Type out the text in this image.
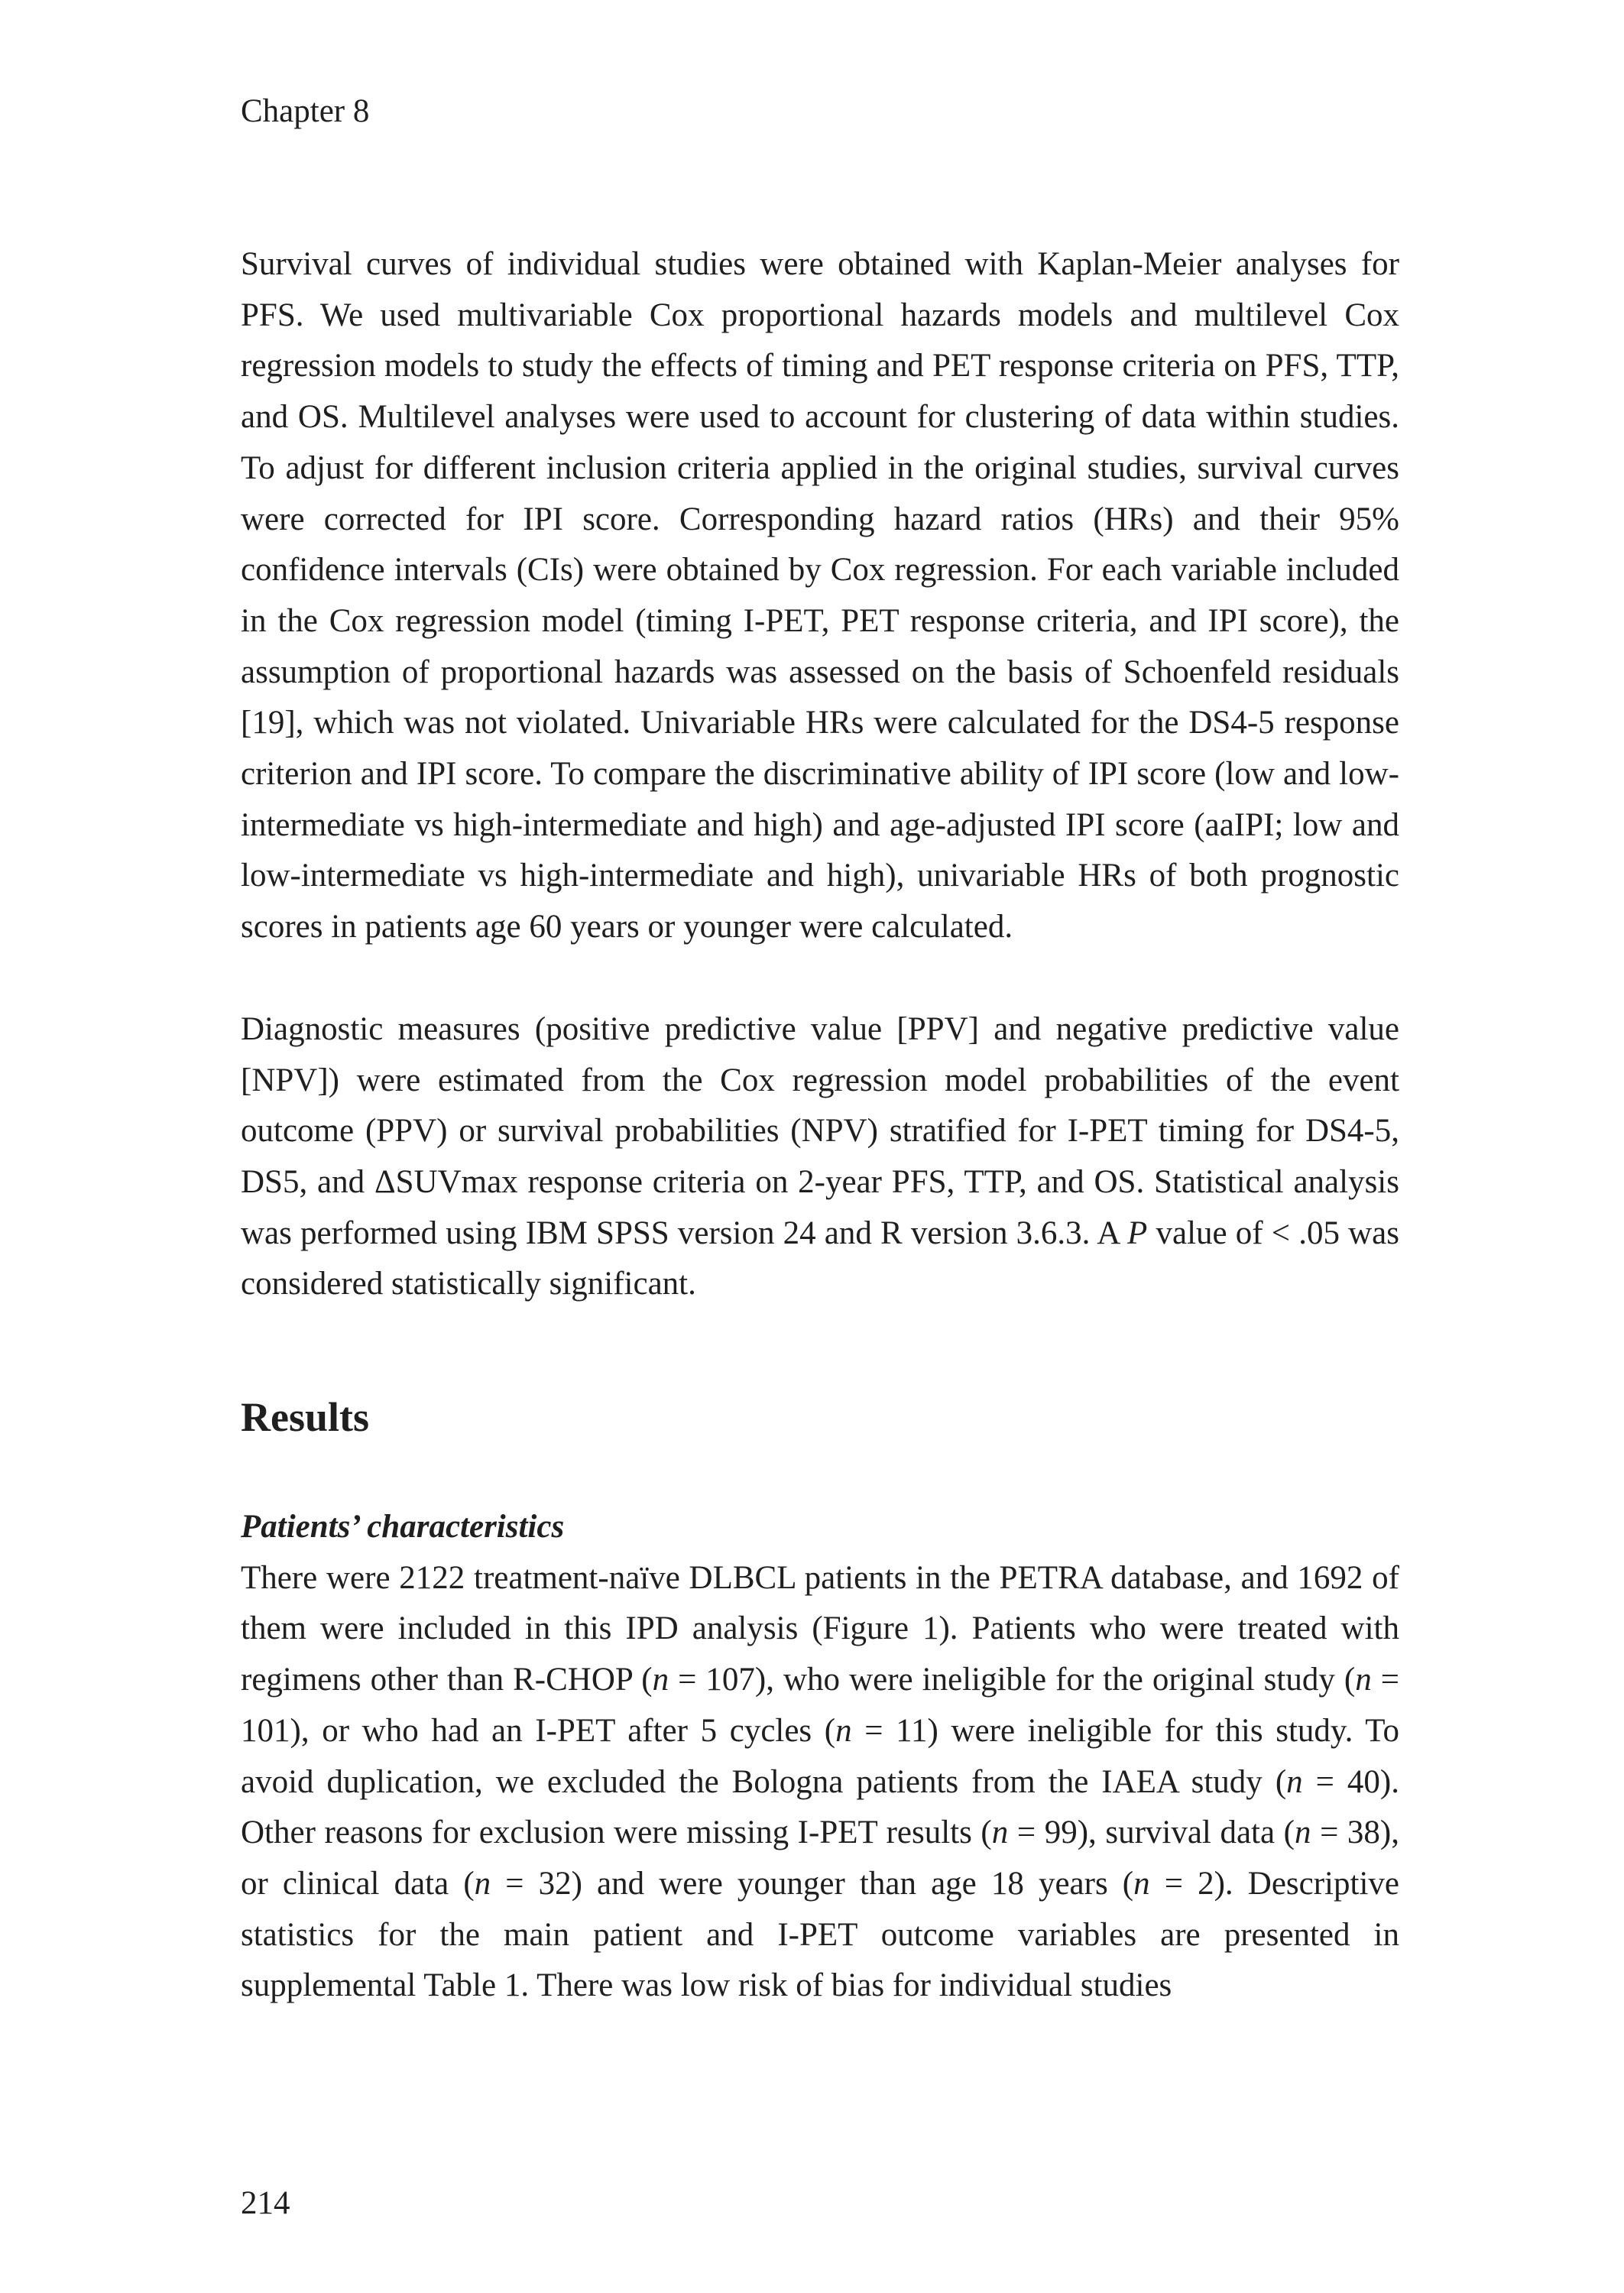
Chapter 8

Survival curves of individual studies were obtained with Kaplan-Meier analyses for PFS. We used multivariable Cox proportional hazards models and multilevel Cox regression models to study the effects of timing and PET response criteria on PFS, TTP, and OS. Multilevel analyses were used to account for clustering of data within studies. To adjust for different inclusion criteria applied in the original studies, survival curves were corrected for IPI score. Corresponding hazard ratios (HRs) and their 95% confidence intervals (CIs) were obtained by Cox regression. For each variable included in the Cox regression model (timing I-PET, PET response criteria, and IPI score), the assumption of proportional hazards was assessed on the basis of Schoenfeld residuals [19], which was not violated. Univariable HRs were calculated for the DS4-5 response criterion and IPI score. To compare the discriminative ability of IPI score (low and low-intermediate vs high-intermediate and high) and age-adjusted IPI score (aaIPI; low and low-intermediate vs high-intermediate and high), univariable HRs of both prognostic scores in patients age 60 years or younger were calculated.

Diagnostic measures (positive predictive value [PPV] and negative predictive value [NPV]) were estimated from the Cox regression model probabilities of the event outcome (PPV) or survival probabilities (NPV) stratified for I-PET timing for DS4-5, DS5, and ΔSUVmax response criteria on 2-year PFS, TTP, and OS. Statistical analysis was performed using IBM SPSS version 24 and R version 3.6.3. A P value of < .05 was considered statistically significant.

Results
Patients’ characteristics

There were 2122 treatment-naïve DLBCL patients in the PETRA database, and 1692 of them were included in this IPD analysis (Figure 1). Patients who were treated with regimens other than R-CHOP (n = 107), who were ineligible for the original study (n = 101), or who had an I-PET after 5 cycles (n = 11) were ineligible for this study. To avoid duplication, we excluded the Bologna patients from the IAEA study (n = 40). Other reasons for exclusion were missing I-PET results (n = 99), survival data (n = 38), or clinical data (n = 32) and were younger than age 18 years (n = 2). Descriptive statistics for the main patient and I-PET outcome variables are presented in supplemental Table 1. There was low risk of bias for individual studies

214
